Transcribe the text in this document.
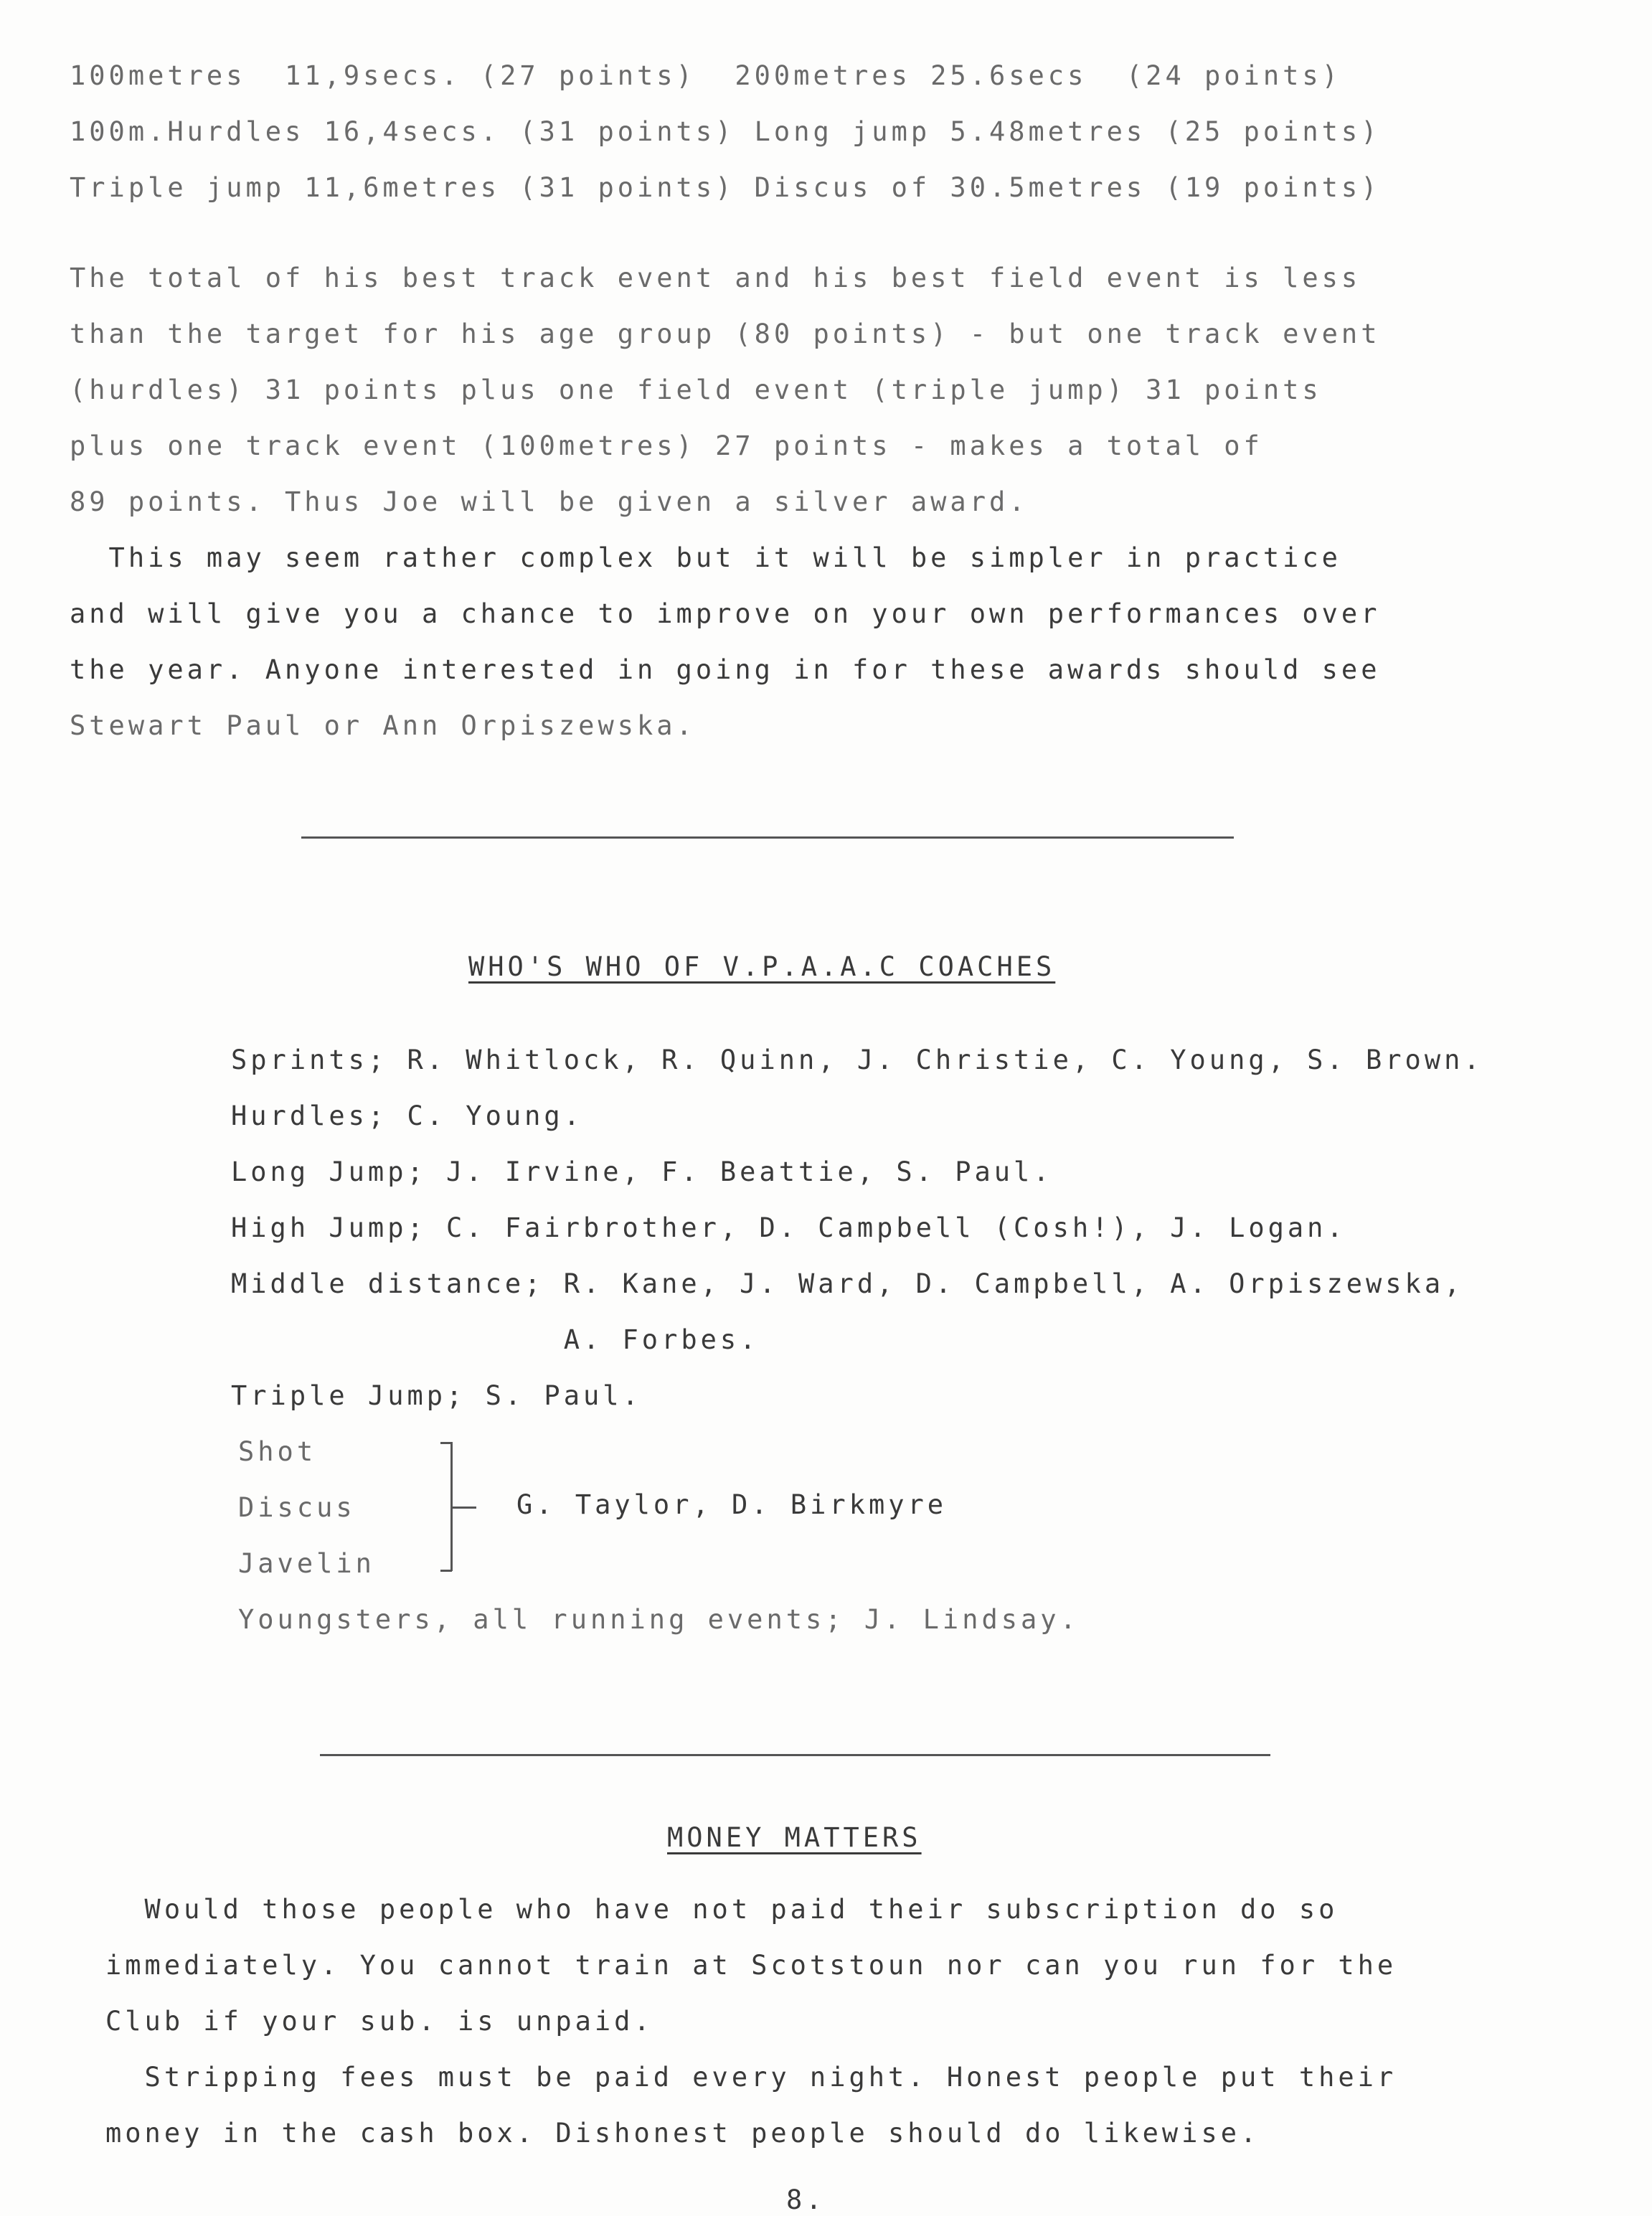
100metres  11,9secs. (27 points)  200metres 25.6secs  (24 points)

100m.Hurdles 16,4secs. (31 points) Long jump 5.48metres (25 points)

Triple jump 11,6metres (31 points) Discus of 30.5metres (19 points)

The total of his best track event and his best field event is less

than the target for his age group (80 points) - but one track event

(hurdles) 31 points plus one field event (triple jump) 31 points

plus one track event (100metres) 27 points - makes a total of

89 points. Thus Joe will be given a silver award.

This may seem rather complex but it will be simpler in practice

and will give you a chance to improve on your own performances over

the year. Anyone interested in going in for these awards should see

Stewart Paul or Ann Orpiszewska.

WHO'S WHO OF V.P.A.A.C COACHES

Sprints; R. Whitlock, R. Quinn, J. Christie, C. Young, S. Brown.

Hurdles; C. Young.

Long Jump; J. Irvine, F. Beattie, S. Paul.

High Jump; C. Fairbrother, D. Campbell (Cosh!), J. Logan.

Middle distance; R. Kane, J. Ward, D. Campbell, A. Orpiszewska,

A. Forbes.

Triple Jump; S. Paul.

Shot

Discus

Javelin

G. Taylor, D. Birkmyre

Youngsters, all running events; J. Lindsay.

MONEY MATTERS

Would those people who have not paid their subscription do so

immediately. You cannot train at Scotstoun nor can you run for the

Club if your sub. is unpaid.

Stripping fees must be paid every night. Honest people put their

money in the cash box. Dishonest people should do likewise.

8.
